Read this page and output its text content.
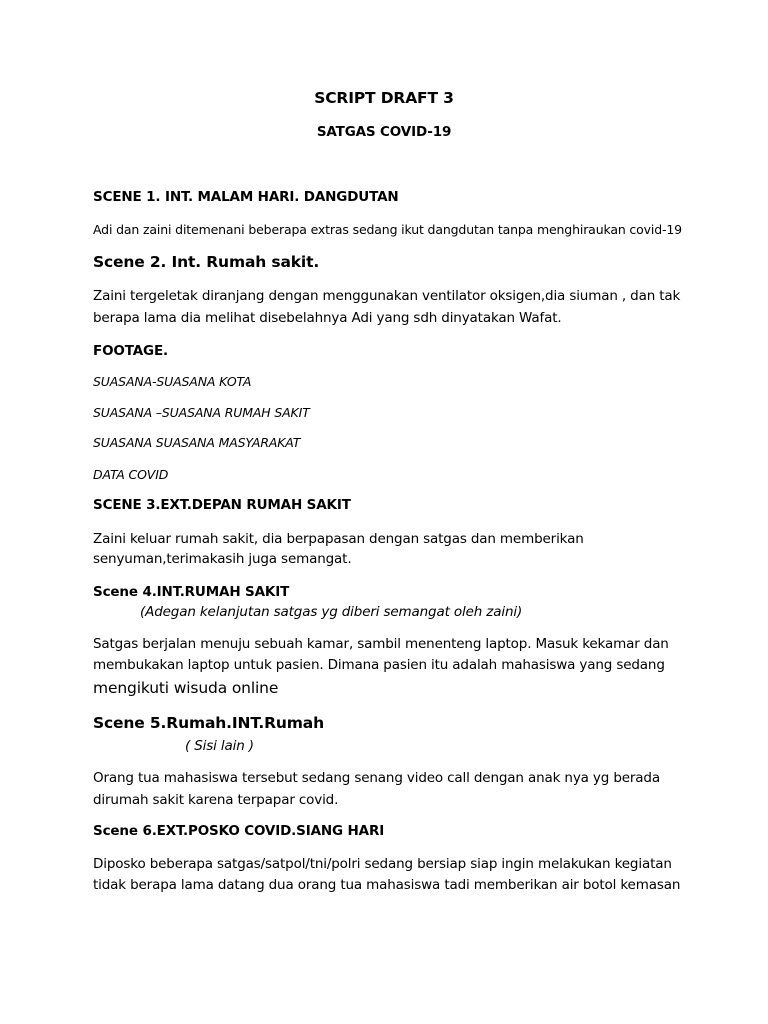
SCRIPT DRAFT 3
SATGAS COVID-19
SCENE 1. INT. MALAM HARI. DANGDUTAN
Adi dan zaini ditemenani beberapa extras sedang ikut dangdutan tanpa menghiraukan covid-19
Scene 2. Int. Rumah sakit.
Zaini tergeletak diranjang dengan menggunakan ventilator oksigen,dia siuman , dan tak
berapa lama dia melihat disebelahnya Adi yang sdh dinyatakan Wafat.
FOOTAGE.
SUASANA-SUASANA KOTA
SUASANA –SUASANA RUMAH SAKIT
SUASANA SUASANA MASYARAKAT
DATA COVID
SCENE 3.EXT.DEPAN RUMAH SAKIT
Zaini keluar rumah sakit, dia berpapasan dengan satgas dan memberikan
senyuman,terimakasih juga semangat.
Scene 4.INT.RUMAH SAKIT
(Adegan kelanjutan satgas yg diberi semangat oleh zaini)
Satgas berjalan menuju sebuah kamar, sambil menenteng laptop. Masuk kekamar dan
membukakan laptop untuk pasien. Dimana pasien itu adalah mahasiswa yang sedang
mengikuti wisuda online
Scene 5.Rumah.INT.Rumah
( Sisi lain )
Orang tua mahasiswa tersebut sedang senang video call dengan anak nya yg berada
dirumah sakit karena terpapar covid.
Scene 6.EXT.POSKO COVID.SIANG HARI
Diposko beberapa satgas/satpol/tni/polri sedang bersiap siap ingin melakukan kegiatan
tidak berapa lama datang dua orang tua mahasiswa tadi memberikan air botol kemasan
